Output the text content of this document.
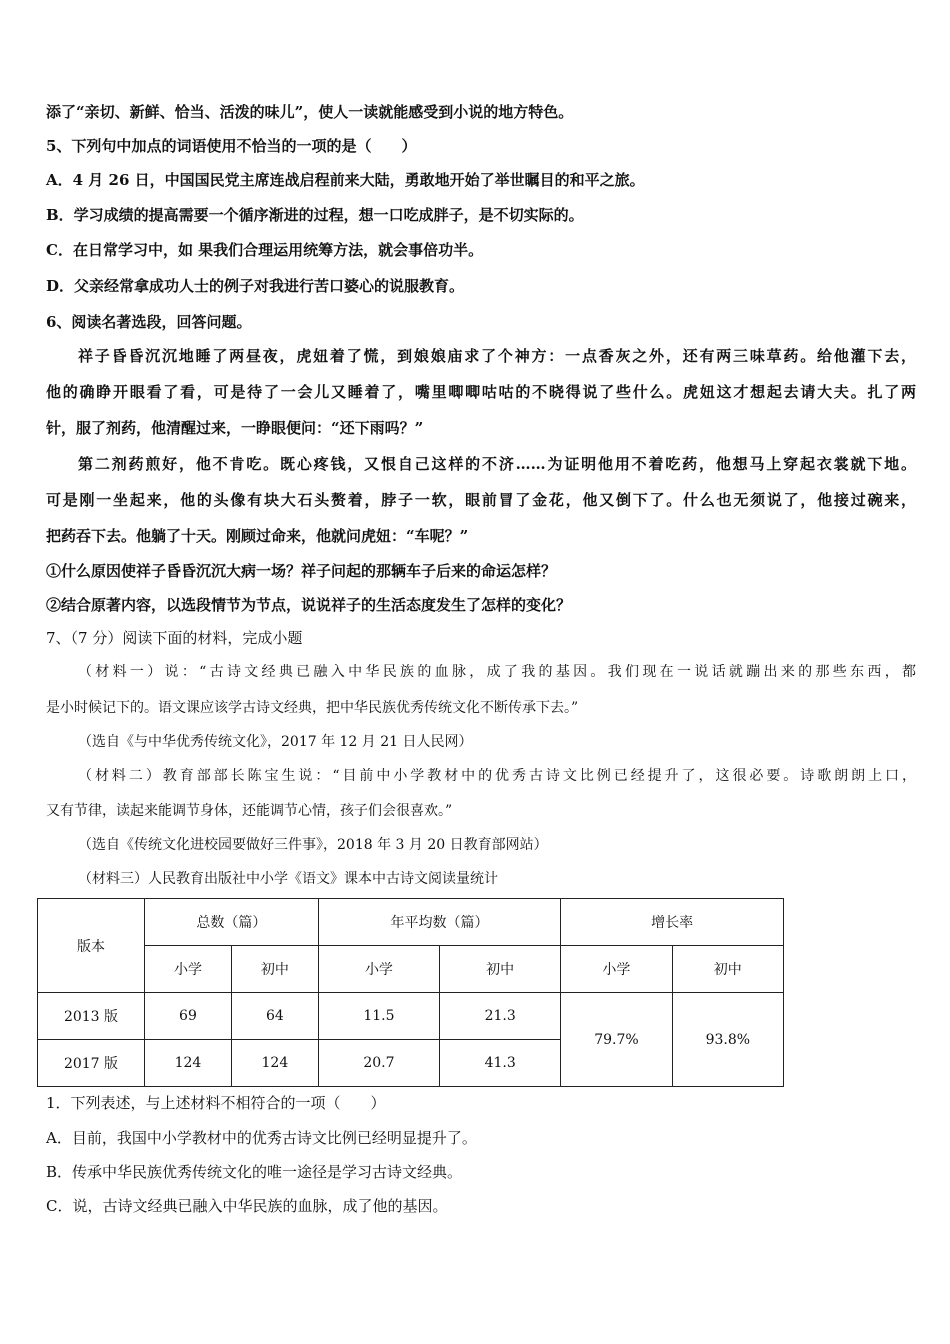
添了“亲切、新鲜、恰当、活泼的味儿”，使人一读就能感受到小说的地方特色。
5、下列句中加点的词语使用不恰当的一项的是（　　）
A．4 月 26 日，中国国民党主席连战启程前来大陆，勇敢地开始了举世瞩目的和平之旅。
B．学习成绩的提高需要一个循序渐进的过程，想一口吃成胖子，是不切实际的。
C．在日常学习中，如 果我们合理运用统筹方法，就会事倍功半。
D．父亲经常拿成功人士的例子对我进行苦口婆心的说服教育。
6、阅读名著选段，回答问题。
祥子昏昏沉沉地睡了两昼夜，虎妞着了慌，到娘娘庙求了个神方：一点香灰之外，还有两三味草药。给他灌下去，
他的确睁开眼看了看，可是待了一会儿又睡着了，嘴里唧唧咕咕的不晓得说了些什么。虎妞这才想起去请大夫。扎了两
针，服了剂药，他清醒过来，一睁眼便问：“还下雨吗？”
第二剂药煎好，他不肯吃。既心疼钱，又恨自己这样的不济……为证明他用不着吃药，他想马上穿起衣裳就下地。
可是刚一坐起来，他的头像有块大石头赘着，脖子一软，眼前冒了金花，他又倒下了。什么也无须说了，他接过碗来，
把药吞下去。他躺了十天。刚顾过命来，他就问虎妞：“车呢？”
①什么原因使祥子昏昏沉沉大病一场？祥子问起的那辆车子后来的命运怎样？
②结合原著内容，以选段情节为节点，说说祥子的生活态度发生了怎样的变化？
7、（7 分）阅读下面的材料，完成小题
（材料一）说：“古诗文经典已融入中华民族的血脉，成了我的基因。我们现在一说话就蹦出来的那些东西，都
是小时候记下的。语文课应该学古诗文经典，把中华民族优秀传统文化不断传承下去。”
（选自《与中华优秀传统文化》，2017 年 12 月 21 日人民网）
（材料二）教育部部长陈宝生说：“目前中小学教材中的优秀古诗文比例已经提升了，这很必要。诗歌朗朗上口，
又有节律，读起来能调节身体，还能调节心情，孩子们会很喜欢。”
（选自《传统文化进校园要做好三件事》，2018 年 3 月 20 日教育部网站）
（材料三）人民教育出版社中小学《语文》课本中古诗文阅读量统计
版本	总数（篇）		年平均数（篇）		增长率	
	小学	初中	小学	初中	小学	初中
2013 版	69	64	11.5	21.3	79.7%	93.8%
2017 版	124	124	20.7	41.3		
1．下列表述，与上述材料不相符合的一项（　　）
A．目前，我国中小学教材中的优秀古诗文比例已经明显提升了。
B．传承中华民族优秀传统文化的唯一途径是学习古诗文经典。
C．说，古诗文经典已融入中华民族的血脉，成了他的基因。
